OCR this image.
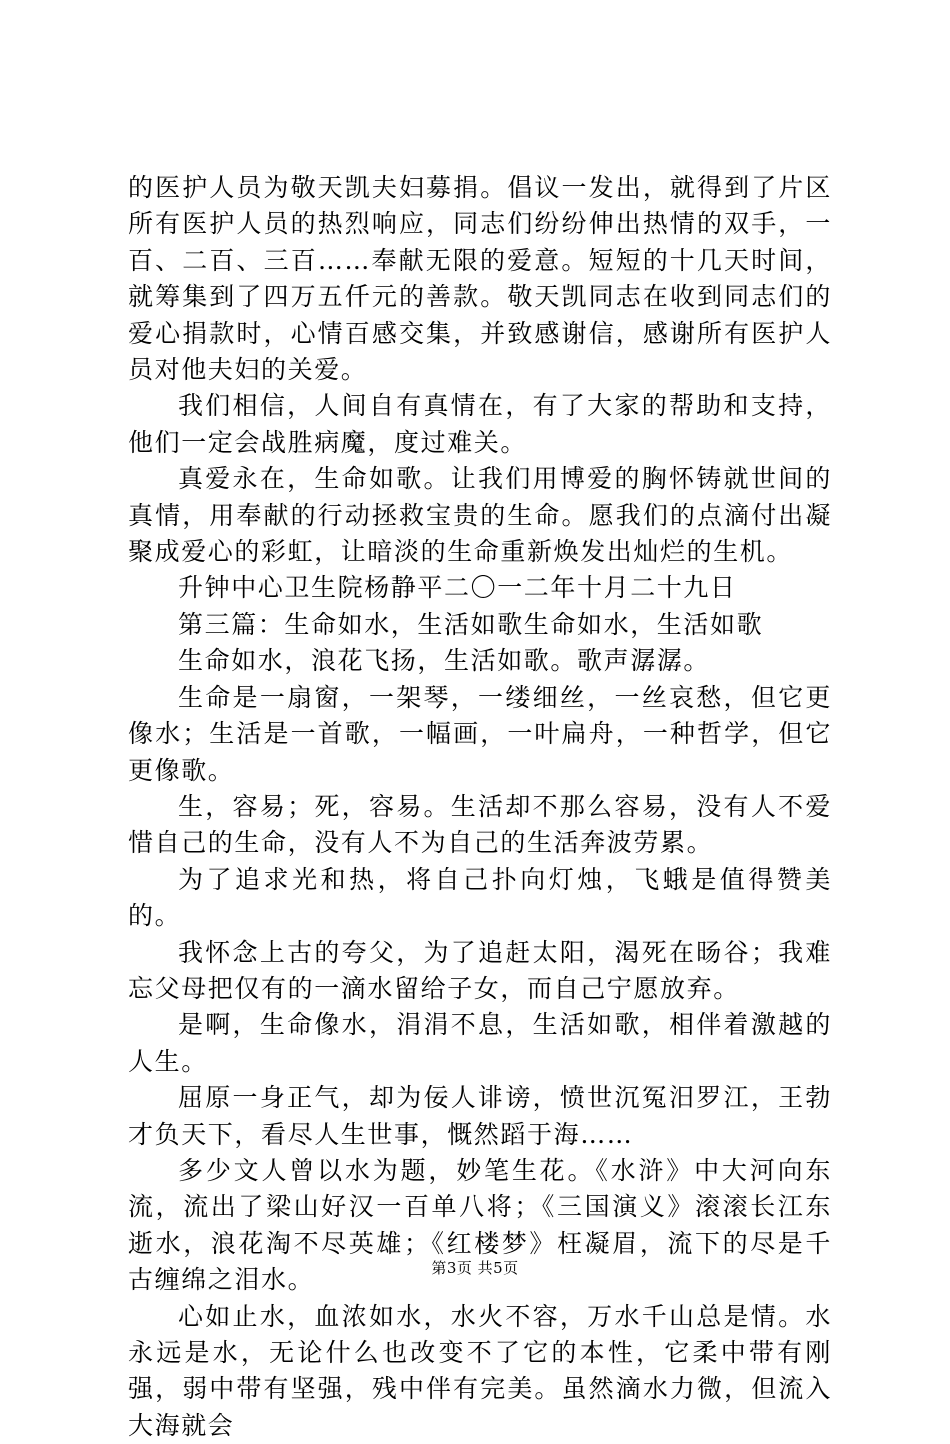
的医护人员为敬天凯夫妇募捐。倡议一发出，就得到了片区所有医护人员的热烈响应，同志们纷纷伸出热情的双手，一百、二百、三百……奉献无限的爱意。短短的十几天时间，就筹集到了四万五仟元的善款。敬天凯同志在收到同志们的爱心捐款时，心情百感交集，并致感谢信，感谢所有医护人员对他夫妇的关爱。

我们相信，人间自有真情在，有了大家的帮助和支持，他们一定会战胜病魔，度过难关。

真爱永在，生命如歌。让我们用博爱的胸怀铸就世间的真情，用奉献的行动拯救宝贵的生命。愿我们的点滴付出凝聚成爱心的彩虹，让暗淡的生命重新焕发出灿烂的生机。

升钟中心卫生院杨静平二〇一二年十月二十九日

第三篇：生命如水，生活如歌生命如水，生活如歌

生命如水，浪花飞扬，生活如歌。歌声潺潺。

生命是一扇窗，一架琴，一缕细丝，一丝哀愁，但它更像水；生活是一首歌，一幅画，一叶扁舟，一种哲学，但它更像歌。

生，容易；死，容易。生活却不那么容易，没有人不爱惜自己的生命，没有人不为自己的生活奔波劳累。

为了追求光和热，将自己扑向灯烛，飞蛾是值得赞美的。

我怀念上古的夸父，为了追赶太阳，渴死在旸谷；我难忘父母把仅有的一滴水留给子女，而自己宁愿放弃。

是啊，生命像水，涓涓不息，生活如歌，相伴着激越的人生。

屈原一身正气，却为佞人诽谤，愤世沉冤汨罗江，王勃才负天下，看尽人生世事，慨然蹈于海……

多少文人曾以水为题，妙笔生花。《水浒》中大河向东流，流出了梁山好汉一百单八将；《三国演义》滚滚长江东逝水，浪花淘不尽英雄；《红楼梦》枉凝眉，流下的尽是千古缠绵之泪水。

心如止水，血浓如水，水火不容，万水千山总是情。水永远是水，无论什么也改变不了它的本性，它柔中带有刚强，弱中带有坚强，残中伴有完美。虽然滴水力微，但流入大海就会

第3页 共5页
